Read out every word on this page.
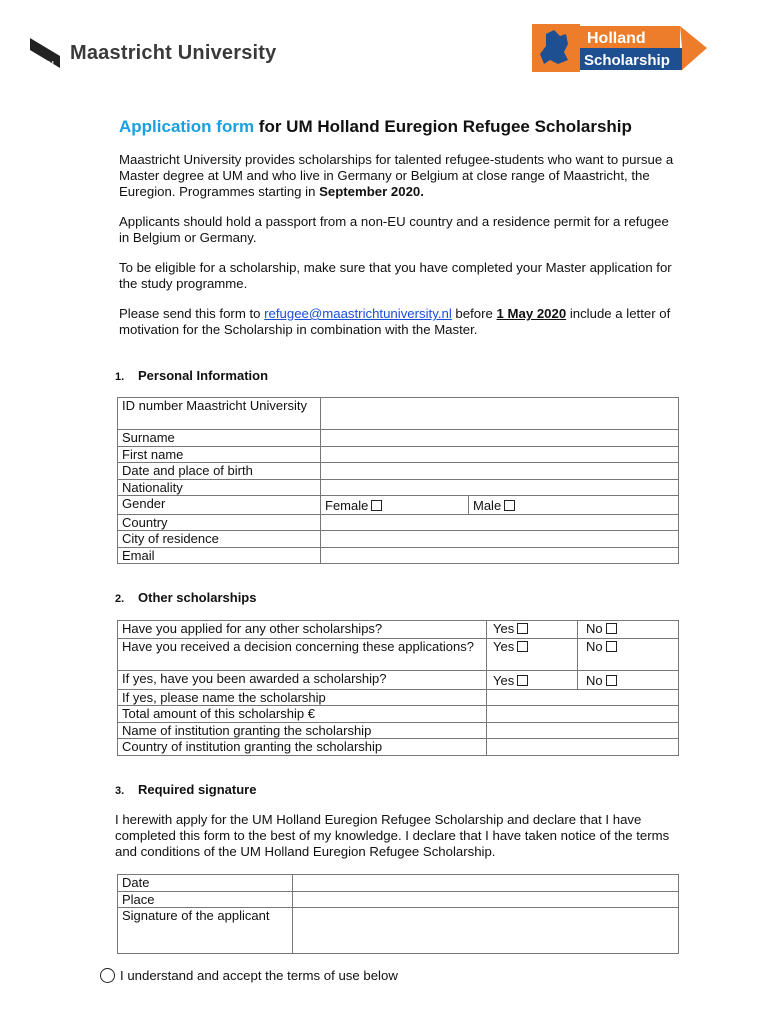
U
M
Maastricht University
Holland
Scholarship
Application form for UM Holland Euregion Refugee Scholarship
Maastricht University provides scholarships for talented refugee-students who want to pursue a Master degree at UM and who live in Germany or Belgium at close range of Maastricht, the Euregion. Programmes starting in September 2020.
Applicants should hold a passport from a non-EU country and a residence permit for a refugee in Belgium or Germany.
To be eligible for a scholarship, make sure that you have completed your Master application for the study programme.
Please send this form to refugee@maastrichtuniversity.nl before 1 May 2020 include a letter of motivation for the Scholarship in combination with the Master.
1. Personal Information
ID number Maastricht University		
Surname		
First name		
Date and place of birth		
Nationality		
Gender	Female	Male
Country		
City of residence		
Email		
2. Other scholarships
Have you applied for any other scholarships?	Yes	No
Have you received a decision concerning these applications?	Yes	No
If yes, have you been awarded a scholarship?	Yes	No
If yes, please name the scholarship		
Total amount of this scholarship €		
Name of institution granting the scholarship		
Country of institution granting the scholarship		
3. Required signature
I herewith apply for the UM Holland Euregion Refugee Scholarship and declare that I have completed this form to the best of my knowledge. I declare that I have taken notice of the terms and conditions of the UM Holland Euregion Refugee Scholarship.
Date	
Place	
Signature of the applicant	
I understand and accept the terms of use below
